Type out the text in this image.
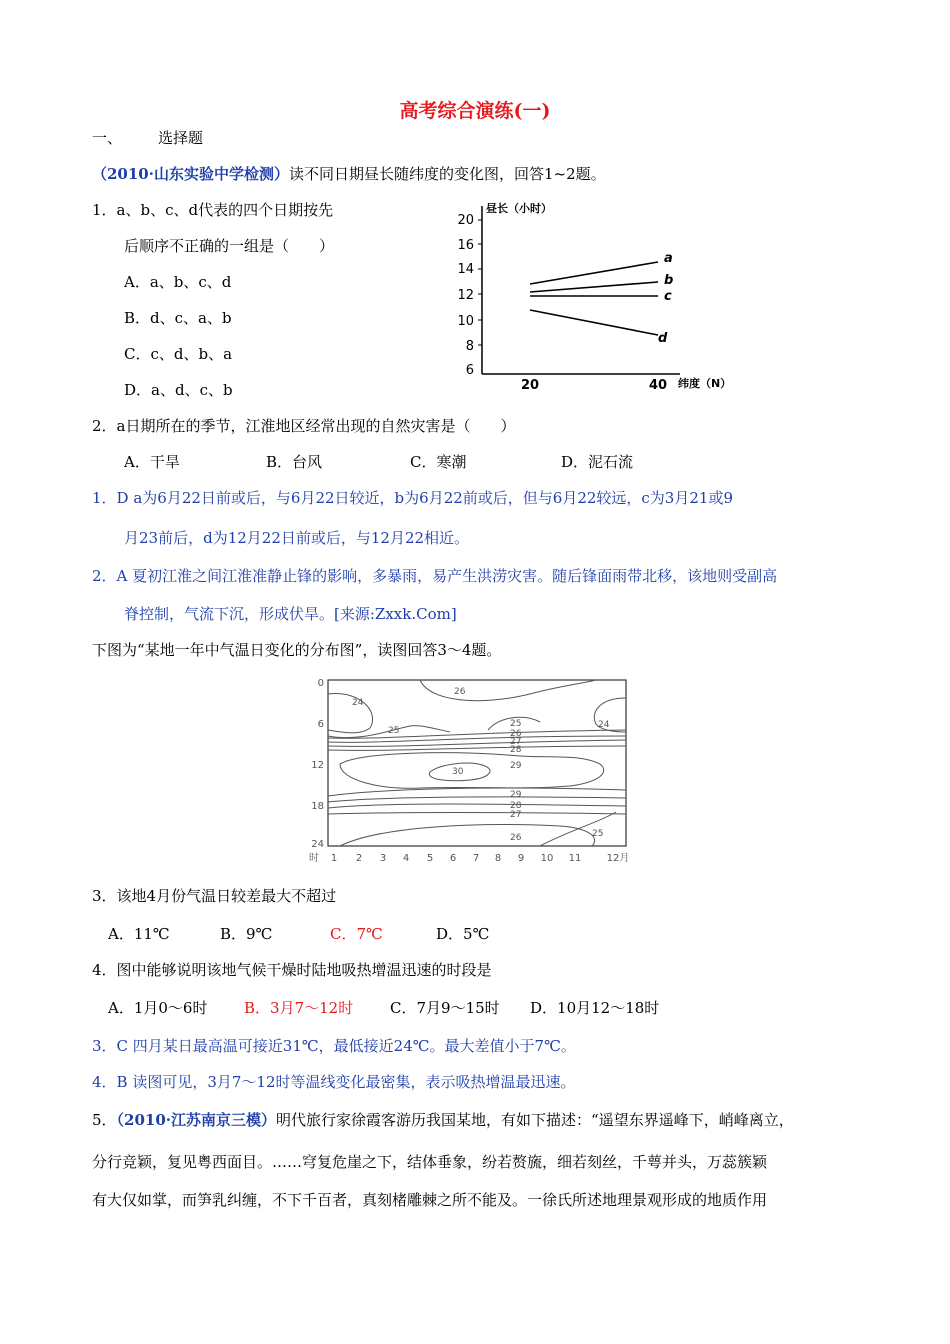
高考综合演练(一)
一、 选择题
（2010·山东实验中学检测）读不同日期昼长随纬度的变化图，回答1~2题。
1．a、b、c、d代表的四个日期按先
后顺序不正确的一组是（　　）
A．a、b、c、d
B．d、c、a、b
C．c、d、b、a
D．a、d、c、b
昼长（小时）
20
16
14
12
10
8
6
20	40 纬度（N）
a
b
c
d
2．a日期所在的季节，江淮地区经常出现的自然灾害是（　　）
A．干旱	B．台风	C．寒潮	D．泥石流
1．D a为6月22日前或后，与6月22日较近，b为6月22前或后，但与6月22较远，c为3月21或9
月23前后，d为12月22日前或后，与12月22相近。
2．A 夏初江淮之间江淮准静止锋的影响，多暴雨，易产生洪涝灾害。随后锋面雨带北移，该地则受副高
脊控制，气流下沉，形成伏旱。[来源:Zxxk.Com]
下图为“某地一年中气温日变化的分布图”，读图回答3～4题。
0
6
12
18
24
时 1 2 3 4 5 6 7 8 9 10 11	12月
26
24
25
24
25
26
27
28
29
30
29
28
27
26	25
3．该地4月份气温日较差最大不超过
A．11℃	B．9℃	C．7℃	D．5℃
4．图中能够说明该地气候干燥时陆地吸热增温迅速的时段是
A．1月0～6时 B．3月7～12时 C．7月9～15时 D．10月12～18时
3．C 四月某日最高温可接近31℃，最低接近24℃。最大差值小于7℃。
4．B 读图可见，3月7～12时等温线变化最密集，表示吸热增温最迅速。
5．（2010·江苏南京三模）明代旅行家徐霞客游历我国某地，有如下描述：“遥望东界遥峰下，峭峰离立，
分行竞颖，复见粤西面目。……穹复危崖之下，结体垂象，纷若赘旒，细若刻丝，千萼并头，万蕊簇颖
有大仅如掌，而笋乳纠缠，不下千百者，真刻楮雕棘之所不能及。一徐氏所述地理景观形成的地质作用
